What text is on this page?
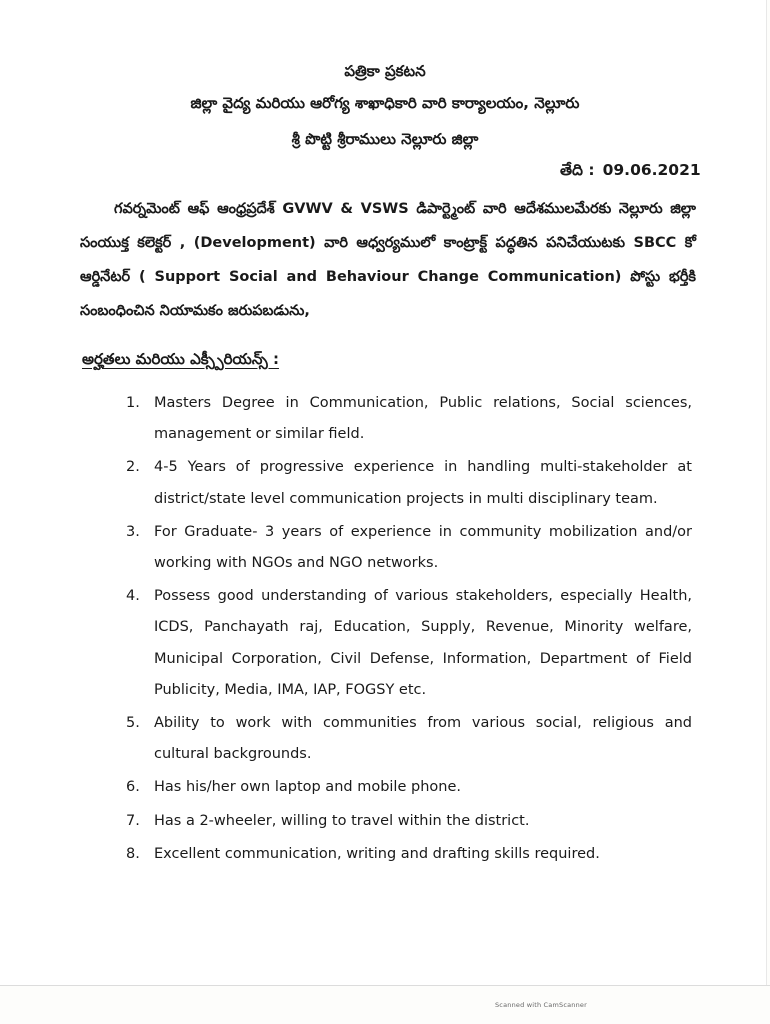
పత్రికా ప్రకటన
జిల్లా వైద్య మరియు ఆరోగ్య శాఖాధికారి వారి కార్యాలయం, నెల్లూరు
శ్రీ పొట్టి శ్రీరాములు నెల్లూరు జిల్లా
తేది : 09.06.2021
గవర్నమెంట్ ఆఫ్ ఆంధ్రప్రదేశ్ GVWV & VSWS డిపార్ట్మెంట్ వారి ఆదేశములమేరకు నెల్లూరు జిల్లా సంయుక్త కలెక్టర్ , (Development) వారి ఆధ్వర్యములో కాంట్రాక్ట్ పద్ధతిన పనిచేయుటకు SBCC కో ఆర్డినేటర్ ( Support Social and Behaviour Change Communication) పోస్టు భర్తీకి సంబంధించిన నియామకం జరుపబడును,
అర్హతలు మరియు ఎక్స్పీరియన్స్ :
1. Masters Degree in Communication, Public relations, Social sciences, management or similar field.
2. 4-5 Years of progressive experience in handling multi-stakeholder at district/state level communication projects in multi disciplinary team.
3. For Graduate- 3 years of experience in community mobilization and/or working with NGOs and NGO networks.
4. Possess good understanding of various stakeholders, especially Health, ICDS, Panchayath raj, Education, Supply, Revenue, Minority welfare, Municipal Corporation, Civil Defense, Information, Department of Field Publicity, Media, IMA, IAP, FOGSY etc.
5. Ability to work with communities from various social, religious and cultural backgrounds.
6. Has his/her own laptop and mobile phone.
7. Has a 2-wheeler, willing to travel within the district.
8. Excellent communication, writing and drafting skills required.
Scanned with CamScanner
